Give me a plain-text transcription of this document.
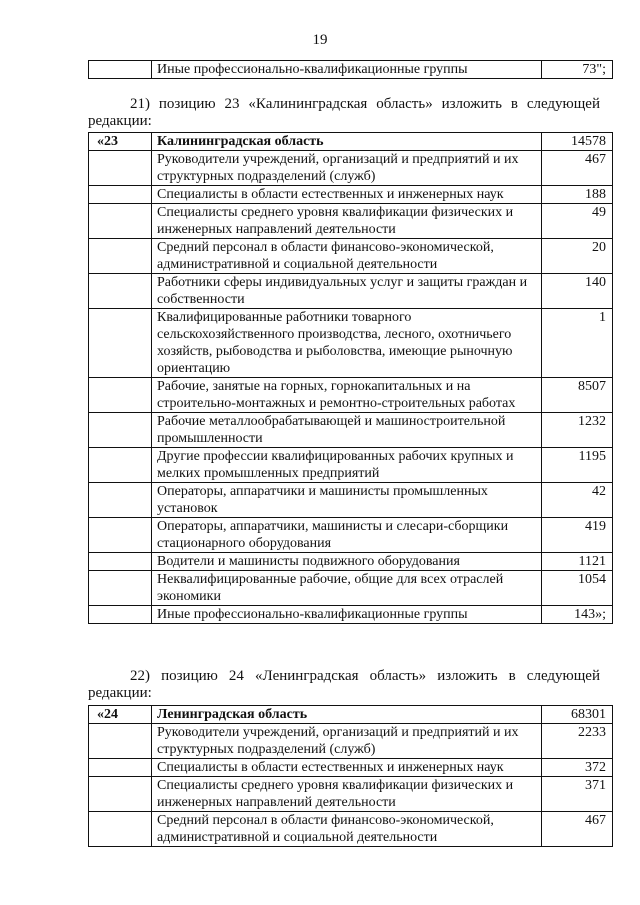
19
	Иные профессионально-квалификационные группы	73";
21) позицию 23 «Калининградская область» изложить в следующей
редакции:
«23	Калининградская область	14578
	Руководители учреждений, организаций и предприятий и их структурных подразделений (служб)	467
	Специалисты в области естественных и инженерных наук	188
	Специалисты среднего уровня квалификации физических и инженерных направлений деятельности	49
	Средний персонал в области финансово-экономической, административной и социальной деятельности	20
	Работники сферы индивидуальных услуг и защиты граждан и собственности	140
	Квалифицированные работники товарного сельскохозяйственного производства, лесного, охотничьего хозяйств, рыбоводства и рыболовства, имеющие рыночную ориентацию	1
	Рабочие, занятые на горных, горнокапитальных и на строительно-монтажных и ремонтно-строительных работах	8507
	Рабочие металлообрабатывающей и машиностроительной промышленности	1232
	Другие профессии квалифицированных рабочих крупных и мелких промышленных предприятий	1195
	Операторы, аппаратчики и машинисты промышленных установок	42
	Операторы, аппаратчики, машинисты и слесари-сборщики стационарного оборудования	419
	Водители и машинисты подвижного оборудования	1121
	Неквалифицированные рабочие, общие для всех отраслей экономики	1054
	Иные профессионально-квалификационные группы	143»;
22) позицию 24 «Ленинградская область» изложить в следующей
редакции:
«24	Ленинградская область	68301
	Руководители учреждений, организаций и предприятий и их структурных подразделений (служб)	2233
	Специалисты в области естественных и инженерных наук	372
	Специалисты среднего уровня квалификации физических и инженерных направлений деятельности	371
	Средний персонал в области финансово-экономической, административной и социальной деятельности	467
